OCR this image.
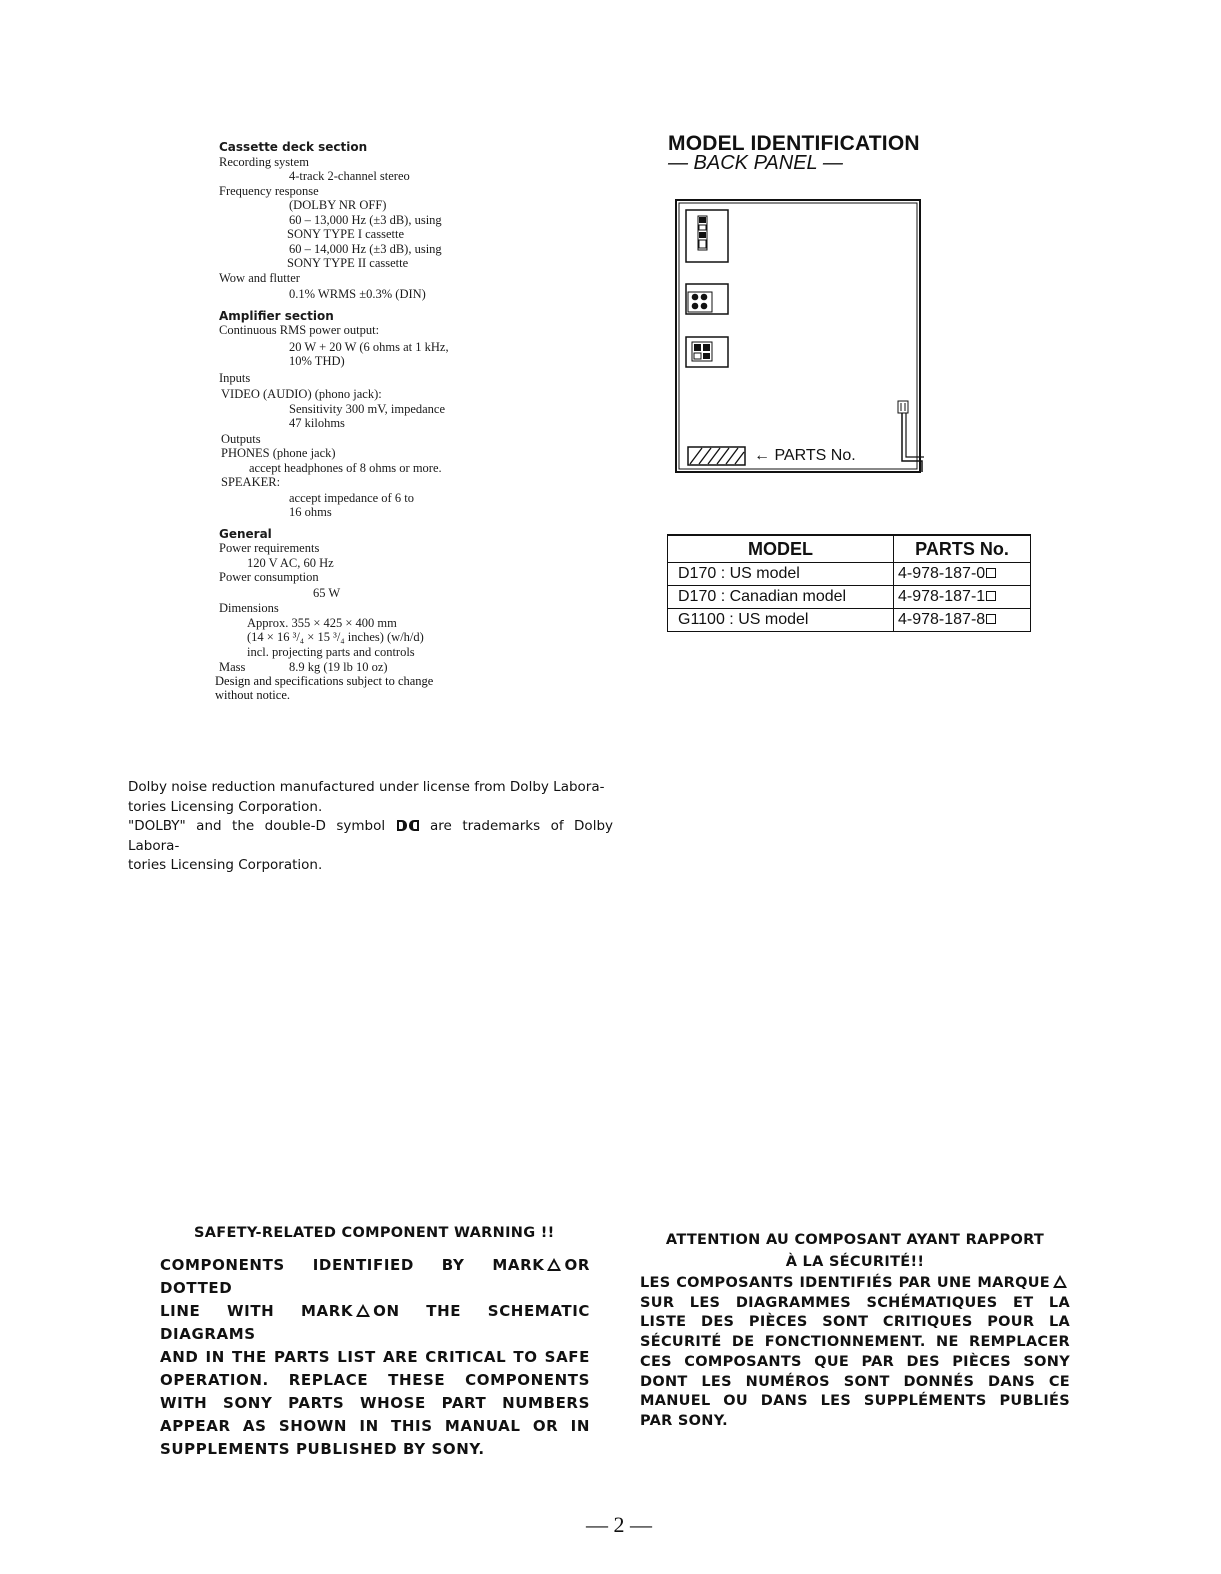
Cassette deck section
Recording system
4-track 2-channel stereo
Frequency response
(DOLBY NR OFF)
60 – 13,000 Hz (±3 dB), using
SONY TYPE I cassette
60 – 14,000 Hz (±3 dB), using
SONY TYPE II cassette
Wow and flutter
0.1% WRMS ±0.3% (DIN)
Amplifier section
Continuous RMS power output:
20 W + 20 W (6 ohms at 1 kHz,
10% THD)
Inputs
VIDEO (AUDIO) (phono jack):
Sensitivity 300 mV, impedance
47 kilohms
Outputs
PHONES (phone jack)
accept headphones of 8 ohms or more.
SPEAKER:
accept impedance of 6 to
16 ohms
General
Power requirements
120 V AC, 60 Hz
Power consumption
65 W
Dimensions
Approx. 355 × 425 × 400 mm
(14 × 16 ³/₄ × 15 ³/₄ inches) (w/h/d)
incl. projecting parts and controls
Mass	8.9 kg (19 lb 10 oz)
Design and specifications subject to change
without notice.
Dolby noise reduction manufactured under license from Dolby Labora-
tories Licensing Corporation.
"DOLBY" and the double-D symbol	are trademarks of Dolby Labora-
tories Licensing Corporation.
MODEL IDENTIFICATION
— BACK PANEL —
← PARTS No.
MODEL	PARTS No.
D170 : US model	4-978-187-0
D170 : Canadian model	4-978-187-1
G1100 : US model	4-978-187-8
SAFETY-RELATED COMPONENT WARNING !!
COMPONENTS IDENTIFIED BY MARK OR DOTTED
LINE WITH MARK ON THE SCHEMATIC DIAGRAMS
AND IN THE PARTS LIST ARE CRITICAL TO SAFE OPERATION. REPLACE THESE COMPONENTS WITH SONY PARTS WHOSE PART NUMBERS APPEAR AS SHOWN IN THIS MANUAL OR IN SUPPLEMENTS PUBLISHED BY SONY.
ATTENTION AU COMPOSANT AYANT RAPPORT
À LA SÉCURITÉ!!
LES COMPOSANTS IDENTIFIÉS PAR UNE MARQUE
SUR LES DIAGRAMMES SCHÉMATIQUES ET LA LISTE DES PIÈCES SONT CRITIQUES POUR LA SÉCURITÉ DE FONCTIONNEMENT. NE REMPLACER CES COMPOSANTS QUE PAR DES PIÈCES SONY DONT LES NUMÉROS SONT DONNÉS DANS CE MANUEL OU DANS LES SUPPLÉMENTS PUBLIÉS PAR SONY.
— 2 —
